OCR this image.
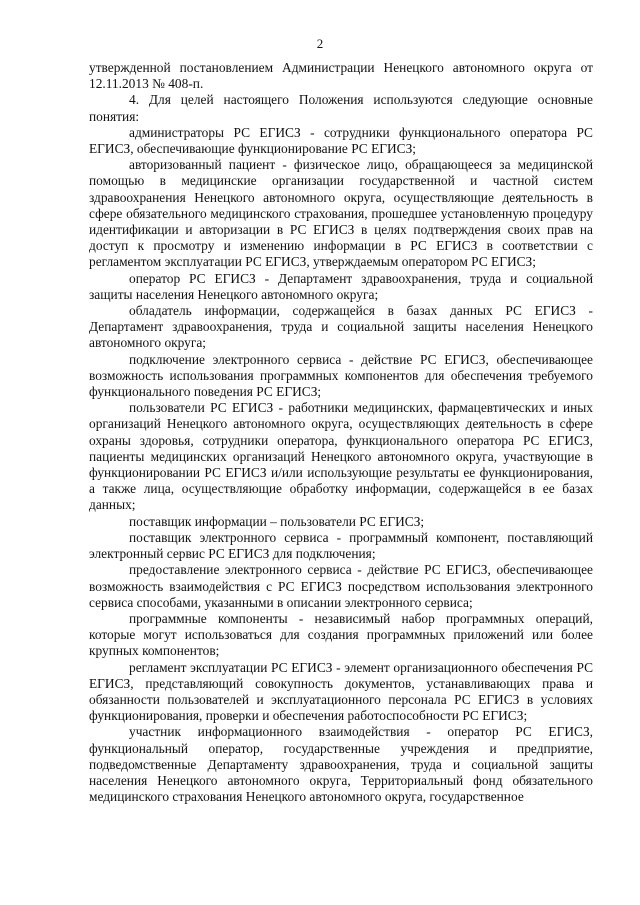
2

утвержденной постановлением Администрации Ненецкого автономного округа от 12.11.2013 № 408-п.

4. Для целей настоящего Положения используются следующие основные понятия:

администраторы РС ЕГИСЗ - сотрудники функционального оператора РС ЕГИСЗ, обеспечивающие функционирование РС ЕГИСЗ;

авторизованный пациент - физическое лицо, обращающееся за медицинской помощью в медицинские организации государственной и частной систем здравоохранения Ненецкого автономного округа, осуществляющие деятельность в сфере обязательного медицинского страхования, прошедшее установленную процедуру идентификации и авторизации в РС ЕГИСЗ в целях подтверждения своих прав на доступ к просмотру и изменению информации в РС ЕГИСЗ в соответствии с регламентом эксплуатации РС ЕГИСЗ, утверждаемым оператором РС ЕГИСЗ;

оператор РС ЕГИСЗ - Департамент здравоохранения, труда и социальной защиты населения Ненецкого автономного округа;

обладатель информации, содержащейся в базах данных РС ЕГИСЗ - Департамент здравоохранения, труда и социальной защиты населения Ненецкого автономного округа;

подключение электронного сервиса - действие РС ЕГИСЗ, обеспечивающее возможность использования программных компонентов для обеспечения требуемого функционального поведения РС ЕГИСЗ;

пользователи РС ЕГИСЗ - работники медицинских, фармацевтических и иных организаций Ненецкого автономного округа, осуществляющих деятельность в сфере охраны здоровья, сотрудники оператора, функционального оператора РС ЕГИСЗ, пациенты медицинских организаций Ненецкого автономного округа, участвующие в функционировании РС ЕГИСЗ и/или использующие результаты ее функционирования, а также лица, осуществляющие обработку информации, содержащейся в ее базах данных;

поставщик информации – пользователи РС ЕГИСЗ;

поставщик электронного сервиса - программный компонент, поставляющий электронный сервис РС ЕГИСЗ для подключения;

предоставление электронного сервиса - действие РС ЕГИСЗ, обеспечивающее возможность взаимодействия с РС ЕГИСЗ посредством использования электронного сервиса способами, указанными в описании электронного сервиса;

программные компоненты - независимый набор программных операций, которые могут использоваться для создания программных приложений или более крупных компонентов;

регламент эксплуатации РС ЕГИСЗ - элемент организационного обеспечения РС ЕГИСЗ, представляющий совокупность документов, устанавливающих права и обязанности пользователей и эксплуатационного персонала РС ЕГИСЗ в условиях функционирования, проверки и обеспечения работоспособности РС ЕГИСЗ;

участник информационного взаимодействия - оператор РС ЕГИСЗ, функциональный оператор, государственные учреждения и предприятие, подведомственные Департаменту здравоохранения, труда и социальной защиты населения Ненецкого автономного округа, Территориальный фонд обязательного медицинского страхования Ненецкого автономного округа, государственное
